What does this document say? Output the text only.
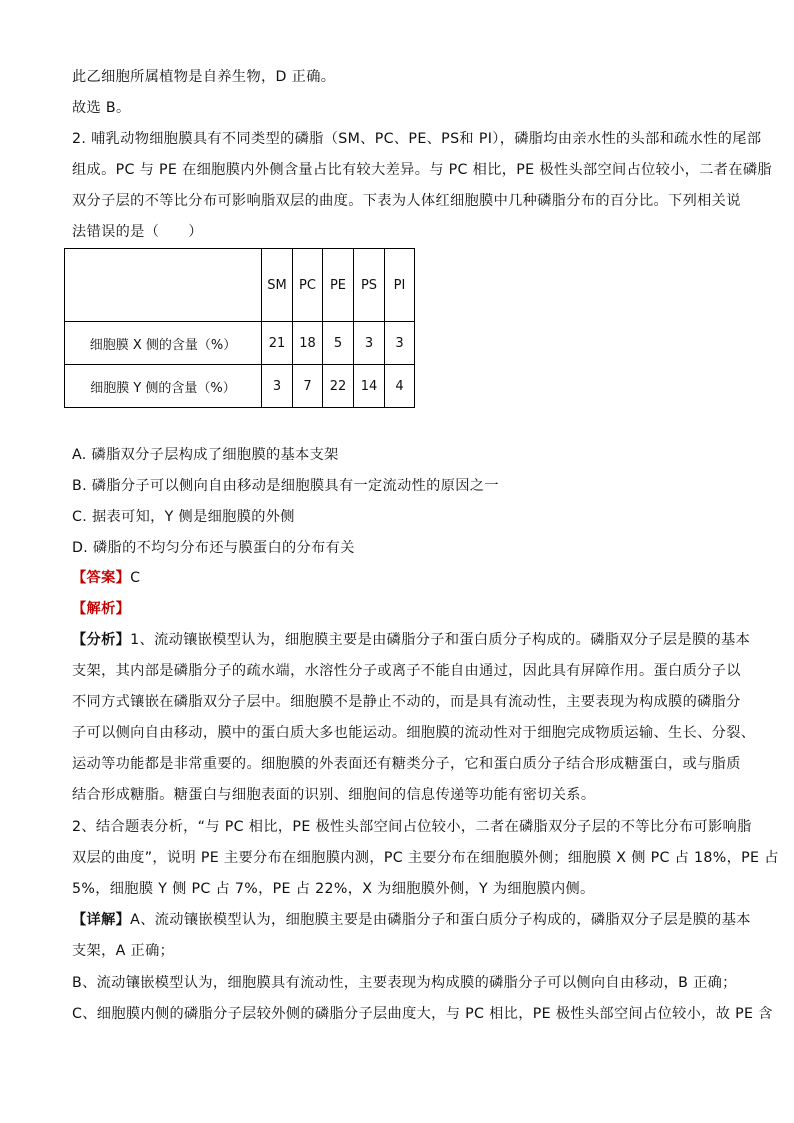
此乙细胞所属植物是自养生物，D 正确。
故选 B。
2. 哺乳动物细胞膜具有不同类型的磷脂（SM、PC、PE、PS和 PI），磷脂均由亲水性的头部和疏水性的尾部
组成。PC 与 PE 在细胞膜内外侧含量占比有较大差异。与 PC 相比，PE 极性头部空间占位较小，二者在磷脂
双分子层的不等比分布可影响脂双层的曲度。下表为人体红细胞膜中几种磷脂分布的百分比。下列相关说
法错误的是（　　）
	SM	PC	PE	PS	PI
细胞膜 X 侧的含量（%）	21	18	5	3	3
细胞膜 Y 侧的含量（%）	3	7	22	14	4
A. 磷脂双分子层构成了细胞膜的基本支架
B. 磷脂分子可以侧向自由移动是细胞膜具有一定流动性的原因之一
C. 据表可知，Y 侧是细胞膜的外侧
D. 磷脂的不均匀分布还与膜蛋白的分布有关
【答案】C
【解析】
【分析】1、流动镶嵌模型认为，细胞膜主要是由磷脂分子和蛋白质分子构成的。磷脂双分子层是膜的基本
支架，其内部是磷脂分子的疏水端，水溶性分子或离子不能自由通过，因此具有屏障作用。蛋白质分子以
不同方式镶嵌在磷脂双分子层中。细胞膜不是静止不动的，而是具有流动性，主要表现为构成膜的磷脂分
子可以侧向自由移动，膜中的蛋白质大多也能运动。细胞膜的流动性对于细胞完成物质运输、生长、分裂、
运动等功能都是非常重要的。细胞膜的外表面还有糖类分子，它和蛋白质分子结合形成糖蛋白，或与脂质
结合形成糖脂。糖蛋白与细胞表面的识别、细胞间的信息传递等功能有密切关系。
2、结合题表分析，“与 PC 相比，PE 极性头部空间占位较小，二者在磷脂双分子层的不等比分布可影响脂
双层的曲度”，说明 PE 主要分布在细胞膜内测，PC 主要分布在细胞膜外侧；细胞膜 X 侧 PC 占 18%，PE 占
5%，细胞膜 Y 侧 PC 占 7%，PE 占 22%，X 为细胞膜外侧，Y 为细胞膜内侧。
【详解】A、流动镶嵌模型认为，细胞膜主要是由磷脂分子和蛋白质分子构成的，磷脂双分子层是膜的基本
支架，A 正确；
B、流动镶嵌模型认为，细胞膜具有流动性，主要表现为构成膜的磷脂分子可以侧向自由移动，B 正确；
C、细胞膜内侧的磷脂分子层较外侧的磷脂分子层曲度大，与 PC 相比，PE 极性头部空间占位较小，故 PE 含
